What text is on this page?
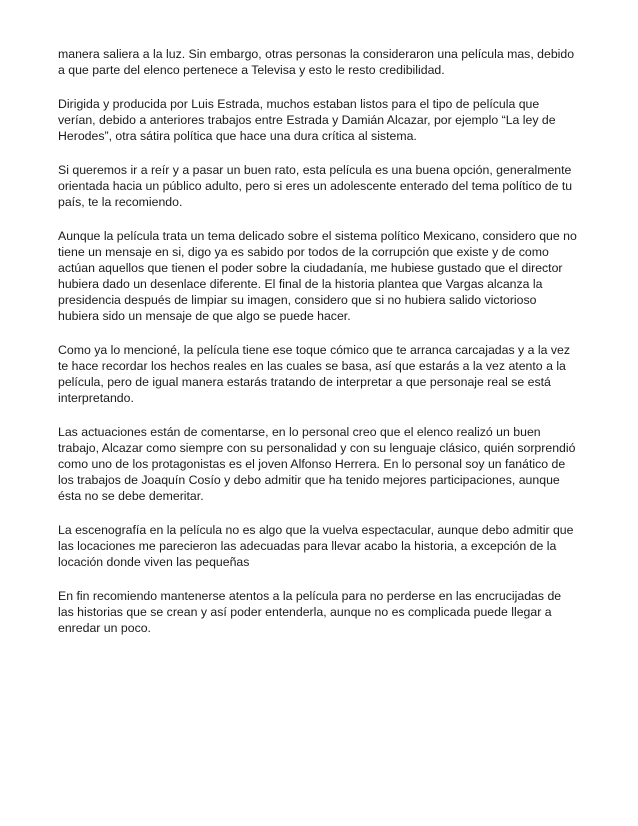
manera saliera a la luz. Sin embargo, otras personas la consideraron una película mas, debido a que parte del elenco pertenece a Televisa y esto le resto credibilidad.

Dirigida y producida por Luis Estrada, muchos estaban listos para el tipo de película que verían, debido a anteriores trabajos entre Estrada y Damián Alcazar, por ejemplo “La ley de Herodes”, otra sátira política que hace una dura crítica al sistema.

Si queremos ir a reír y a pasar un buen rato, esta película es una buena opción, generalmente orientada hacia un público adulto, pero si eres un adolescente enterado del tema político de tu país, te la recomiendo.

Aunque la película trata un tema delicado sobre el sistema político Mexicano, considero que no tiene un mensaje en si, digo ya es sabido por todos de la corrupción que existe y de como actúan aquellos que tienen el poder sobre la ciudadanía, me hubiese gustado que el director hubiera dado un desenlace diferente. El final de la historia plantea que Vargas alcanza la presidencia después de limpiar su imagen, considero que si no hubiera salido victorioso hubiera sido un mensaje de que algo se puede hacer.

Como ya lo mencioné, la película tiene ese toque cómico que te arranca carcajadas y a la vez te hace recordar los hechos reales en las cuales se basa, así que estarás a la vez atento a la película, pero de igual manera estarás tratando de interpretar a que personaje real se está interpretando.

Las actuaciones están de comentarse, en lo personal creo que el elenco realizó un buen trabajo, Alcazar como siempre con su personalidad y con su lenguaje clásico, quién sorprendió como uno de los protagonistas es el joven Alfonso Herrera. En lo personal soy un fanático de los trabajos de Joaquín Cosío y debo admitir que ha tenido mejores participaciones, aunque ésta no se debe demeritar.

La escenografía en la película no es algo que la vuelva espectacular, aunque debo admitir que las locaciones me parecieron las adecuadas para llevar acabo la historia, a excepción de la locación donde viven las pequeñas

En fin recomiendo mantenerse atentos a la película para no perderse en las encrucijadas de las historias que se crean y así poder entenderla, aunque no es complicada puede llegar a enredar un poco.
